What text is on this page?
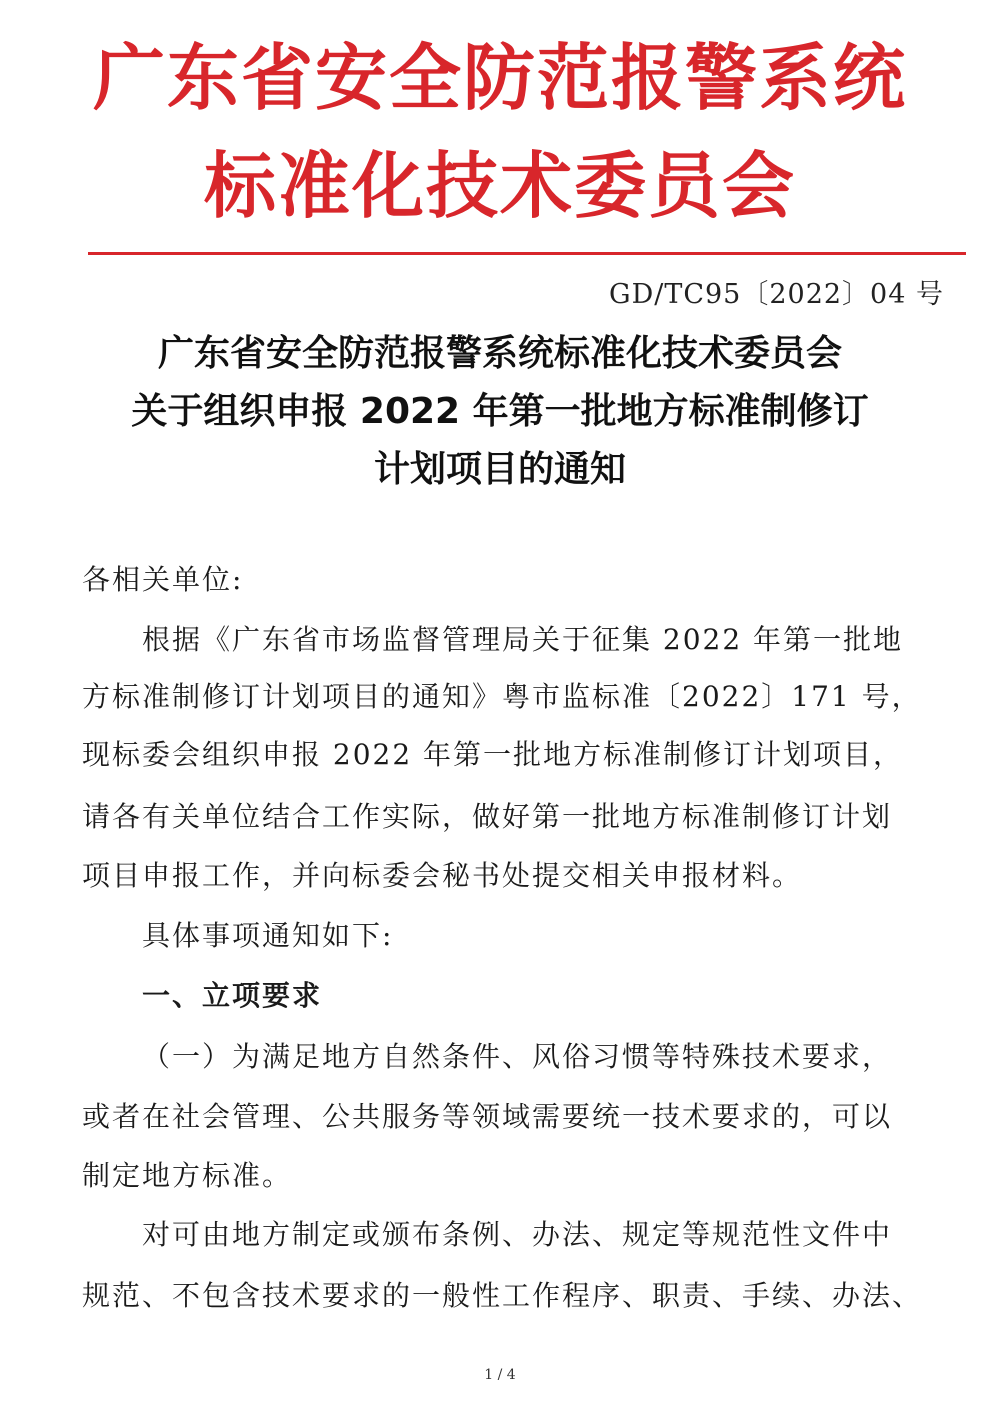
广东省安全防范报警系统
标准化技术委员会
GD/TC95〔2022〕04 号
广东省安全防范报警系统标准化技术委员会
关于组织申报 2022 年第一批地方标准制修订
计划项目的通知
各相关单位:
根据《广东省市场监督管理局关于征集 2022 年第一批地
方标准制修订计划项目的通知》粤市监标准〔2022〕171 号，
现标委会组织申报 2022 年第一批地方标准制修订计划项目，
请各有关单位结合工作实际，做好第一批地方标准制修订计划
项目申报工作，并向标委会秘书处提交相关申报材料。
具体事项通知如下:
一、立项要求
（一）为满足地方自然条件、风俗习惯等特殊技术要求，
或者在社会管理、公共服务等领域需要统一技术要求的，可以
制定地方标准。
对可由地方制定或颁布条例、办法、规定等规范性文件中
规范、不包含技术要求的一般性工作程序、职责、手续、办法、
1 / 4
